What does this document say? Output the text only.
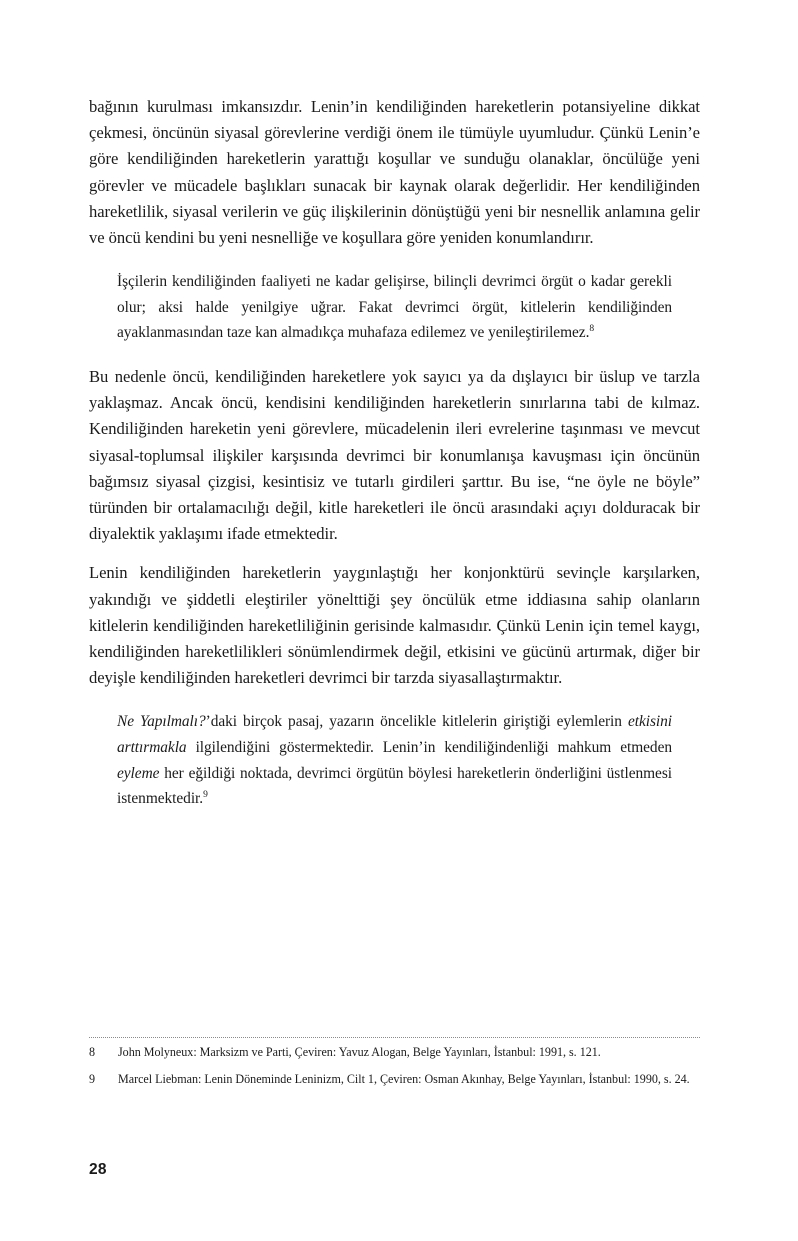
bağının kurulması imkansızdır. Lenin’in kendiliğinden hareketlerin potansiyeline dikkat çekmesi, öncünün siyasal görevlerine verdiği önem ile tümüyle uyumludur. Çünkü Lenin’e göre kendiliğinden hareketlerin yarattığı koşullar ve sunduğu olanaklar, öncülüğe yeni görevler ve mücadele başlıkları sunacak bir kaynak olarak değerlidir. Her kendiliğinden hareketlilik, siyasal verilerin ve güç ilişkilerinin dönüştüğü yeni bir nesnellik anlamına gelir ve öncü kendini bu yeni nesnelliğe ve koşullara göre yeniden konumlandırır.

İşçilerin kendiliğinden faaliyeti ne kadar gelişirse, bilinçli devrimci örgüt o kadar gerekli olur; aksi halde yenilgiye uğrar. Fakat devrimci örgüt, kitlelerin kendiliğinden ayaklanmasından taze kan almadıkça muhafaza edilemez ve yenileştirilemez.$^8$

Bu nedenle öncü, kendiliğinden hareketlere yok sayıcı ya da dışlayıcı bir üslup ve tarzla yaklaşmaz. Ancak öncü, kendisini kendiliğinden hareketlerin sınırlarına tabi de kılmaz. Kendiliğinden hareketin yeni görevlere, mücadelenin ileri evrelerine taşınması ve mevcut siyasal-toplumsal ilişkiler karşısında devrimci bir konumlanışa kavuşması için öncünün bağımsız siyasal çizgisi, kesintisiz ve tutarlı girdileri şarttır. Bu ise, “ne öyle ne böyle” türünden bir ortalamacılığı değil, kitle hareketleri ile öncü arasındaki açıyı dolduracak bir diyalektik yaklaşımı ifade etmektedir.

Lenin kendiliğinden hareketlerin yaygınlaştığı her konjonktürü sevinçle karşılarken, yakındığı ve şiddetli eleştiriler yönelttiği şey öncülük etme iddiasına sahip olanların kitlelerin kendiliğinden hareketliliğinin gerisinde kalmasıdır. Çünkü Lenin için temel kaygı, kendiliğinden hareketlilikleri sönümlendirmek değil, etkisini ve gücünü artırmak, diğer bir deyişle kendiliğinden hareketleri devrimci bir tarzda siyasallaştırmaktır.

Ne Yapılmalı?’daki birçok pasaj, yazarın öncelikle kitlelerin giriştiği eylemlerin etkisini arttırmakla ilgilendiğini göstermektedir. Lenin’in kendiliğindenliği mahkum etmeden eyleme her eğildiği noktada, devrimci örgütün böylesi hareketlerin önderliğini üstlenmesi istenmektedir.$^9$

8 John Molyneux: Marksizm ve Parti, Çeviren: Yavuz Alogan, Belge Yayınları, İstanbul: 1991, s. 121.

9 Marcel Liebman: Lenin Döneminde Leninizm, Cilt 1, Çeviren: Osman Akınhay, Belge Yayınları, İstanbul: 1990, s. 24.

28
